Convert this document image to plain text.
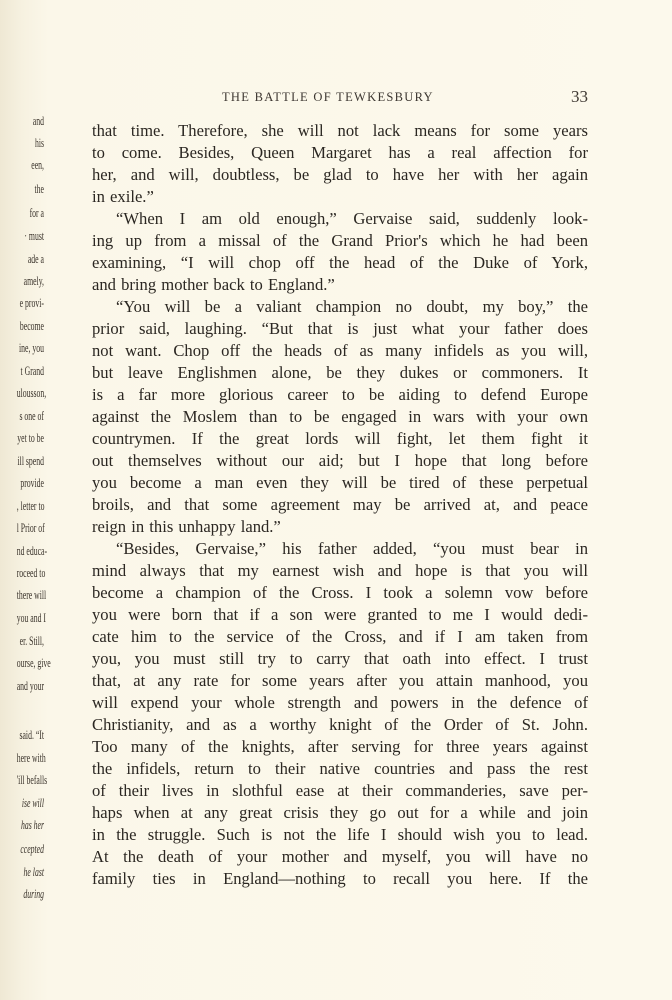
and
his
een,
the
for a
· must
ade a
amely,
e provi-
become
ine, you
t Grand
ulousson,
s one of
yet to be
ill spend
provide
, letter to
l Prior of
nd educa-
roceed to
there will
you and I
er. Still,
ourse, give
and your
said. “It
here with
'ill befalls
ise will
has her
ccepted
he last
during
THE BATTLE OF TEWKESBURY	33
that time. Therefore, she will not lack means for some years
to come. Besides, Queen Margaret has a real affection for
her, and will, doubtless, be glad to have her with her again
in exile.”
“When I am old enough,” Gervaise said, suddenly look-
ing up from a missal of the Grand Prior's which he had been
examining, “I will chop off the head of the Duke of York,
and bring mother back to England.”
“You will be a valiant champion no doubt, my boy,” the
prior said, laughing. “But that is just what your father does
not want. Chop off the heads of as many infidels as you will,
but leave Englishmen alone, be they dukes or commoners. It
is a far more glorious career to be aiding to defend Europe
against the Moslem than to be engaged in wars with your own
countrymen. If the great lords will fight, let them fight it
out themselves without our aid; but I hope that long before
you become a man even they will be tired of these perpetual
broils, and that some agreement may be arrived at, and peace
reign in this unhappy land.”
“Besides, Gervaise,” his father added, “you must bear in
mind always that my earnest wish and hope is that you will
become a champion of the Cross. I took a solemn vow before
you were born that if a son were granted to me I would dedi-
cate him to the service of the Cross, and if I am taken from
you, you must still try to carry that oath into effect. I trust
that, at any rate for some years after you attain manhood, you
will expend your whole strength and powers in the defence of
Christianity, and as a worthy knight of the Order of St. John.
Too many of the knights, after serving for three years against
the infidels, return to their native countries and pass the rest
of their lives in slothful ease at their commanderies, save per-
haps when at any great crisis they go out for a while and join
in the struggle. Such is not the life I should wish you to lead.
At the death of your mother and myself, you will have no
family ties in England—nothing to recall you here. If the
